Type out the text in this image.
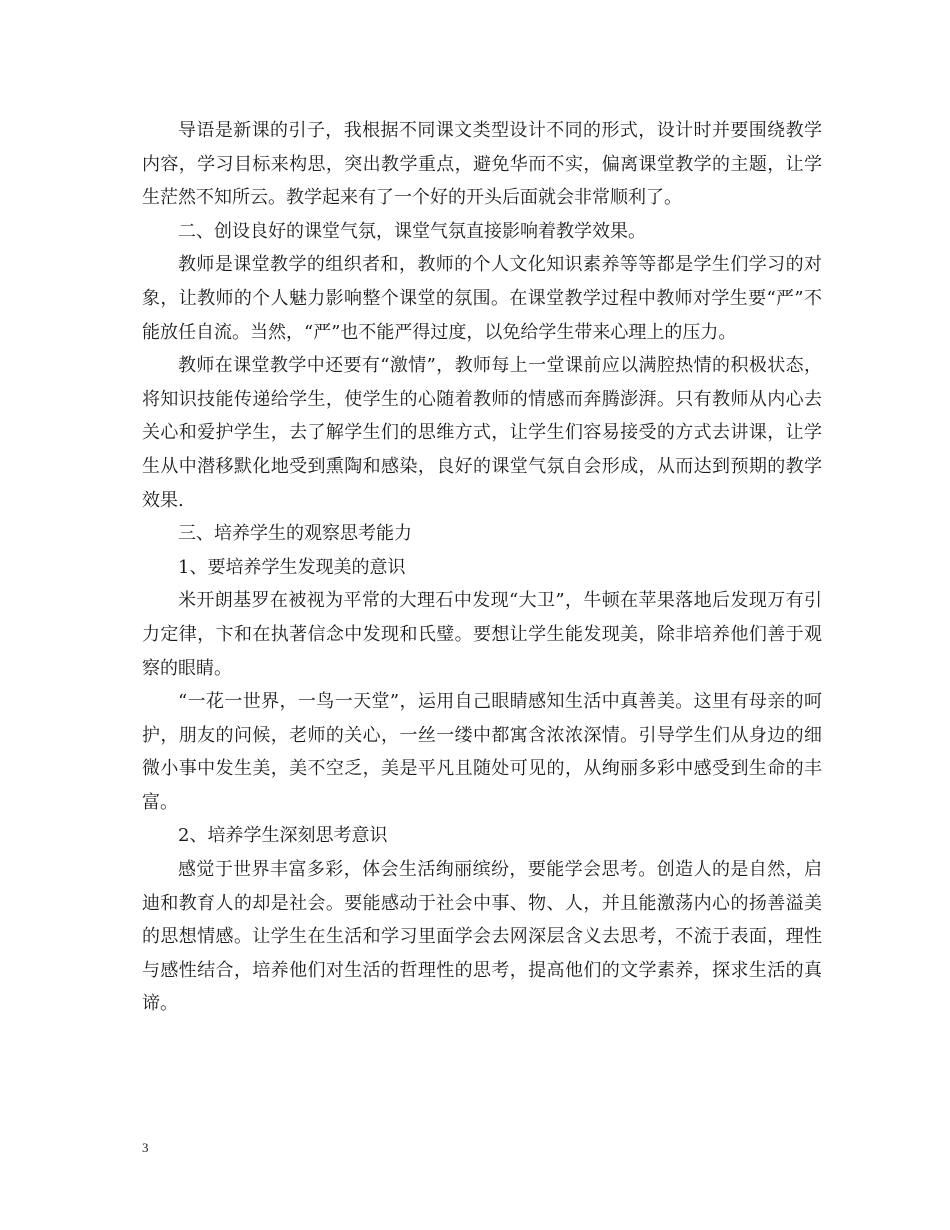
导语是新课的引子，我根据不同课文类型设计不同的形式，设计时并要围绕教学内容，学习目标来构思，突出教学重点，避免华而不实，偏离课堂教学的主题，让学生茫然不知所云。教学起来有了一个好的开头后面就会非常顺利了。

二、创设良好的课堂气氛，课堂气氛直接影响着教学效果。

教师是课堂教学的组织者和，教师的个人文化知识素养等等都是学生们学习的对象，让教师的个人魅力影响整个课堂的氛围。在课堂教学过程中教师对学生要“严”不能放任自流。当然，“严”也不能严得过度，以免给学生带来心理上的压力。

教师在课堂教学中还要有“激情”，教师每上一堂课前应以满腔热情的积极状态，将知识技能传递给学生，使学生的心随着教师的情感而奔腾澎湃。只有教师从内心去关心和爱护学生，去了解学生们的思维方式，让学生们容易接受的方式去讲课，让学生从中潜移默化地受到熏陶和感染，良好的课堂气氛自会形成，从而达到预期的教学效果.

三、培养学生的观察思考能力

1、要培养学生发现美的意识

米开朗基罗在被视为平常的大理石中发现“大卫”，牛顿在苹果落地后发现万有引力定律，卞和在执著信念中发现和氏璧。要想让学生能发现美，除非培养他们善于观察的眼睛。

“一花一世界，一鸟一天堂”，运用自己眼睛感知生活中真善美。这里有母亲的呵护，朋友的问候，老师的关心，一丝一缕中都寓含浓浓深情。引导学生们从身边的细微小事中发生美，美不空乏，美是平凡且随处可见的，从绚丽多彩中感受到生命的丰富。

2、培养学生深刻思考意识

感觉于世界丰富多彩，体会生活绚丽缤纷，要能学会思考。创造人的是自然，启迪和教育人的却是社会。要能感动于社会中事、物、人，并且能激荡内心的扬善溢美的思想情感。让学生在生活和学习里面学会去网深层含义去思考，不流于表面，理性与感性结合，培养他们对生活的哲理性的思考，提高他们的文学素养，探求生活的真谛。

3
